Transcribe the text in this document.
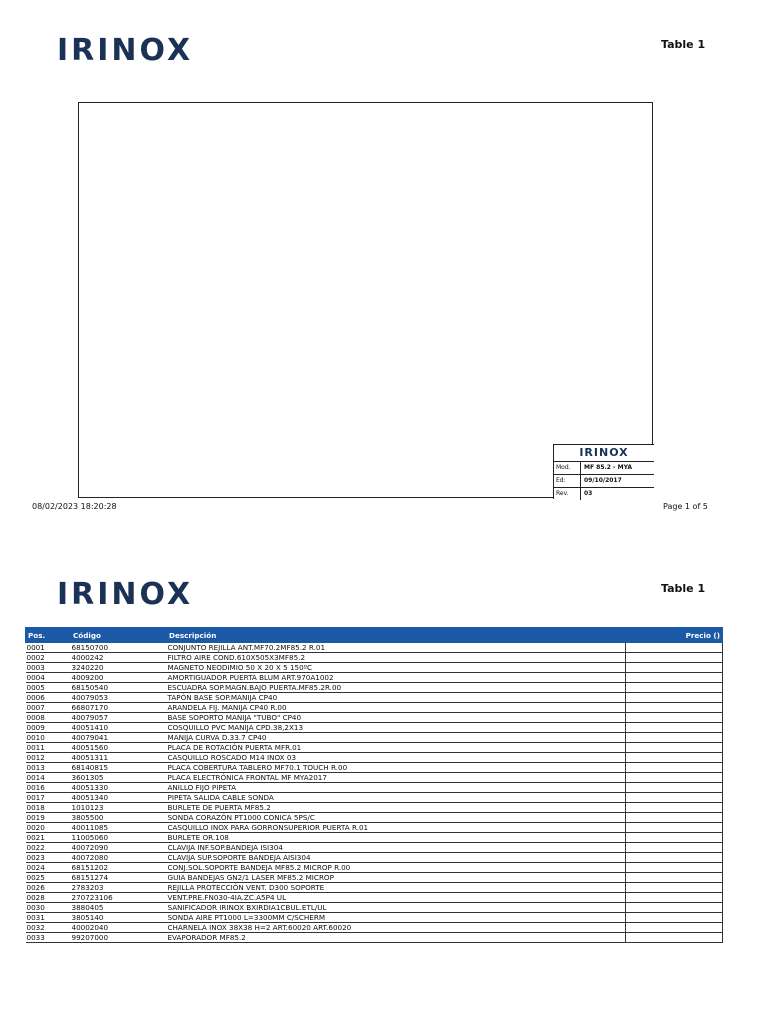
IRINOX	Table 1
IRINOX
Mod.	MF 85.2 - MYA
Ed:	09/10/2017
Rev.	03
08/02/2023 18:20:28	Page 1 of 5
IRINOX	Table 1
Pos.	Código	Descripción	Precio ()
0001	68150700	CONJUNTO REJILLA ANT.MF70.2MF85.2 R.01	
0002	4000242	FILTRO AIRE COND.610X505X3MF85.2	
0003	3240220	MAGNETO NEODIMIO 50 X 20 X 5 150ºC	
0004	4009200	AMORTIGUADOR PUERTA BLUM ART.970A1002	
0005	68150540	ESCUADRA SOP.MAGN.BAJO PUERTA.MF85.2R.00	
0006	40079053	TAPÓN BASE SOP.MANIJA CP40	
0007	66807170	ARANDELA FIJ. MANIJA CP40 R.00	
0008	40079057	BASE SOPORTO MANIJA "TUBO" CP40	
0009	40051410	COSQUILLO PVC MANIJA CPD.38,2X13	
0010	40079041	MANIJA CURVA D.33.7 CP40	
0011	40051560	PLACA DE ROTACIÓN PUERTA MFR.01	
0012	40051311	CASQUILLO ROSCADO M14 INOX 03	
0013	68140815	PLACA COBERTURA TABLERO MF70.1 TOUCH R.00	
0014	3601305	PLACA ELECTRÓNICA FRONTAL MF MYA2017	
0016	40051330	ANILLO FIJO PIPETA	
0017	40051340	PIPETA SALIDA CABLE SONDA	
0018	1010123	BURLETE DE PUERTA MF85.2	
0019	3805500	SONDA CORAZÓN PT1000 CONICA 5PS/C	
0020	40011085	CASQUILLO INOX PARA GORRONSUPERIOR PUERTA R.01	
0021	11005060	BURLETE OR.108	
0022	40072090	CLAVIJA INF.SOP.BANDEJA ISI304	
0023	40072080	CLAVIJA SUP.SOPORTE BANDEJA AISI304	
0024	68151202	CONJ.SOL.SOPORTE BANDEJA MF85.2 MICROP R.00	
0025	68151274	GUIA BANDEJAS GN2/1 LASER MF85.2 MICROP	
0026	2783203	REJILLA PROTECCIÓN VENT. D300 SOPORTE	
0028	270723106	VENT.PRE.FN030-4IA.ZC.A5P4 UL	
0030	3880405	SANIFICADOR IRINOX BXIRDIA1CBUL.ETL/UL	
0031	3805140	SONDA AIRE PT1000 L=3300MM C/SCHERM	
0032	40002040	CHARNELA INOX 38X38 H=2 ART.60020 ART.60020	
0033	99207000	EVAPORADOR MF85.2	
